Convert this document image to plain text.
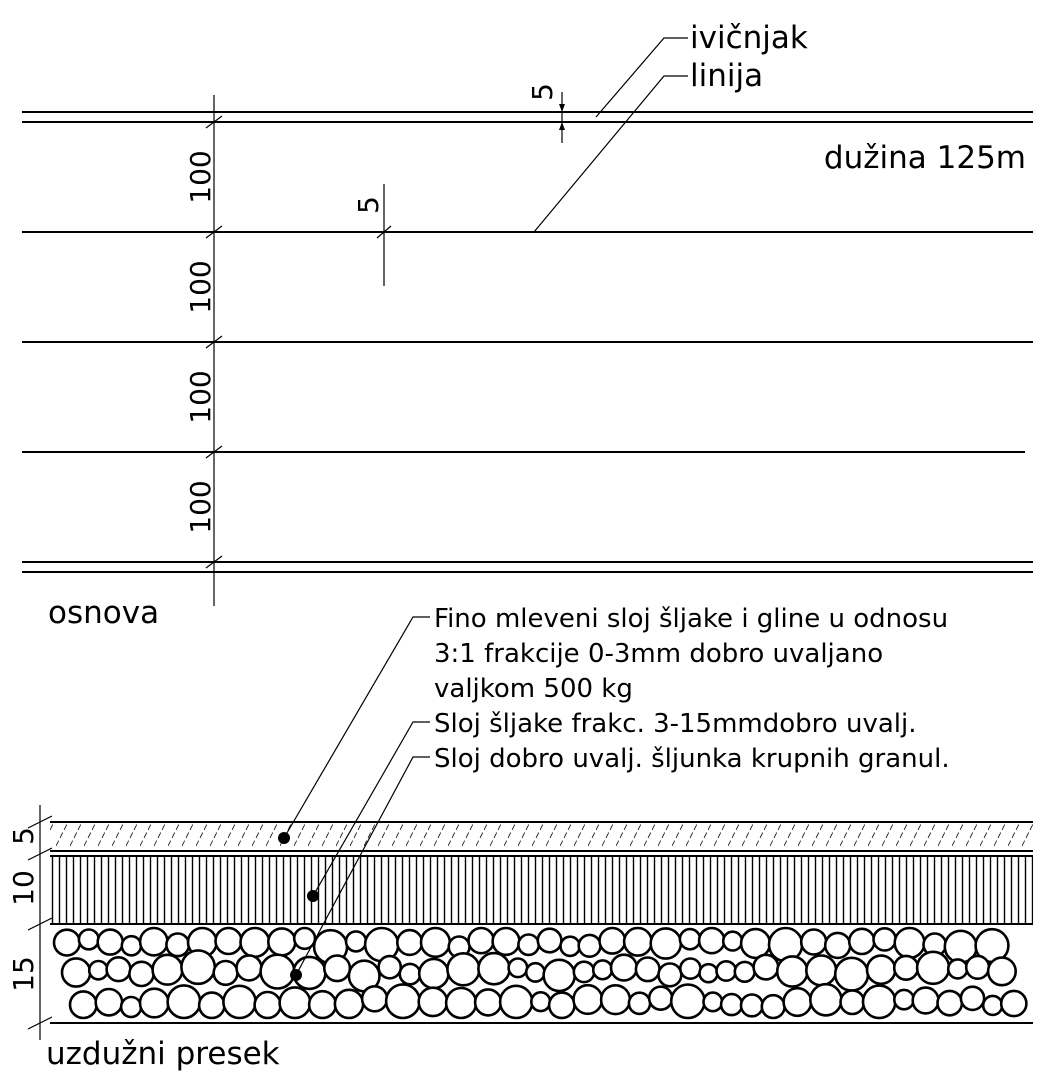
100
100
100
100
5
5
ivičnjak
linija
dužina 125m
osnova
5
10
15
Fino mleveni sloj šljake i gline u odnosu
3:1 frakcije 0-3mm dobro uvaljano
valjkom 500 kg
Sloj šljake frakc. 3-15mmdobro uvalj.
Sloj dobro uvalj. šljunka krupnih granul.
uzdužni presek
